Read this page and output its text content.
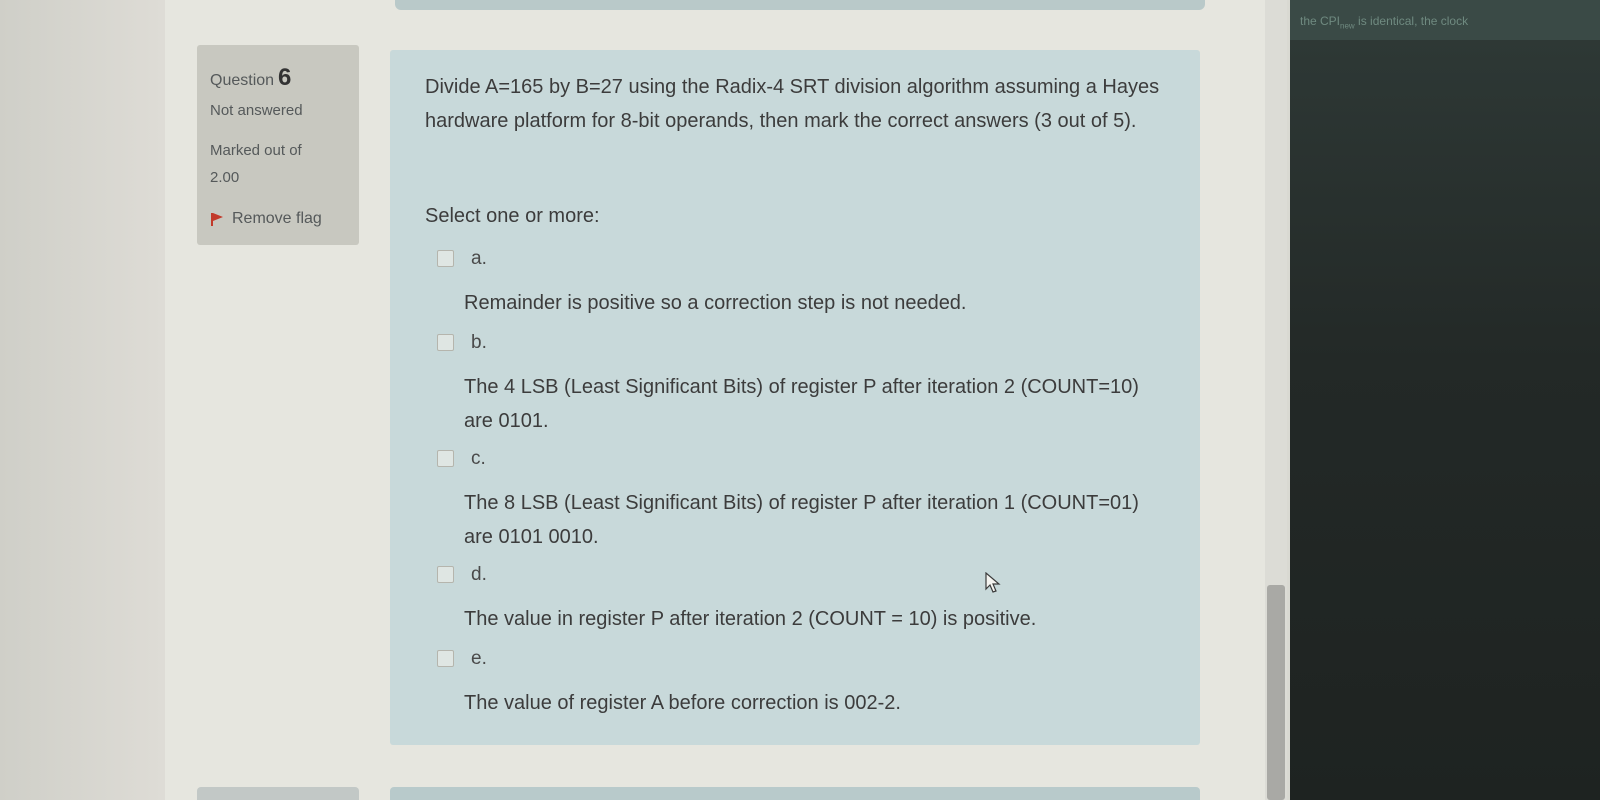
Question 6
Not answered
Marked out of
2.00
Remove flag
Divide A=165 by B=27 using the Radix-4 SRT division algorithm assuming a Hayes hardware platform for 8-bit operands, then mark the correct answers (3 out of 5).
Select one or more:
a.
Remainder is positive so a correction step is not needed.
b.
The 4 LSB (Least Significant Bits) of register P after iteration 2 (COUNT=10) are 0101.
c.
The 8 LSB (Least Significant Bits) of register P after iteration 1 (COUNT=01) are 0101 0010.
d.
The value in register P after iteration 2 (COUNT = 10) is positive.
e.
The value of register A before correction is 002-2.
the $CPI_{new}$ is identical, the clock
